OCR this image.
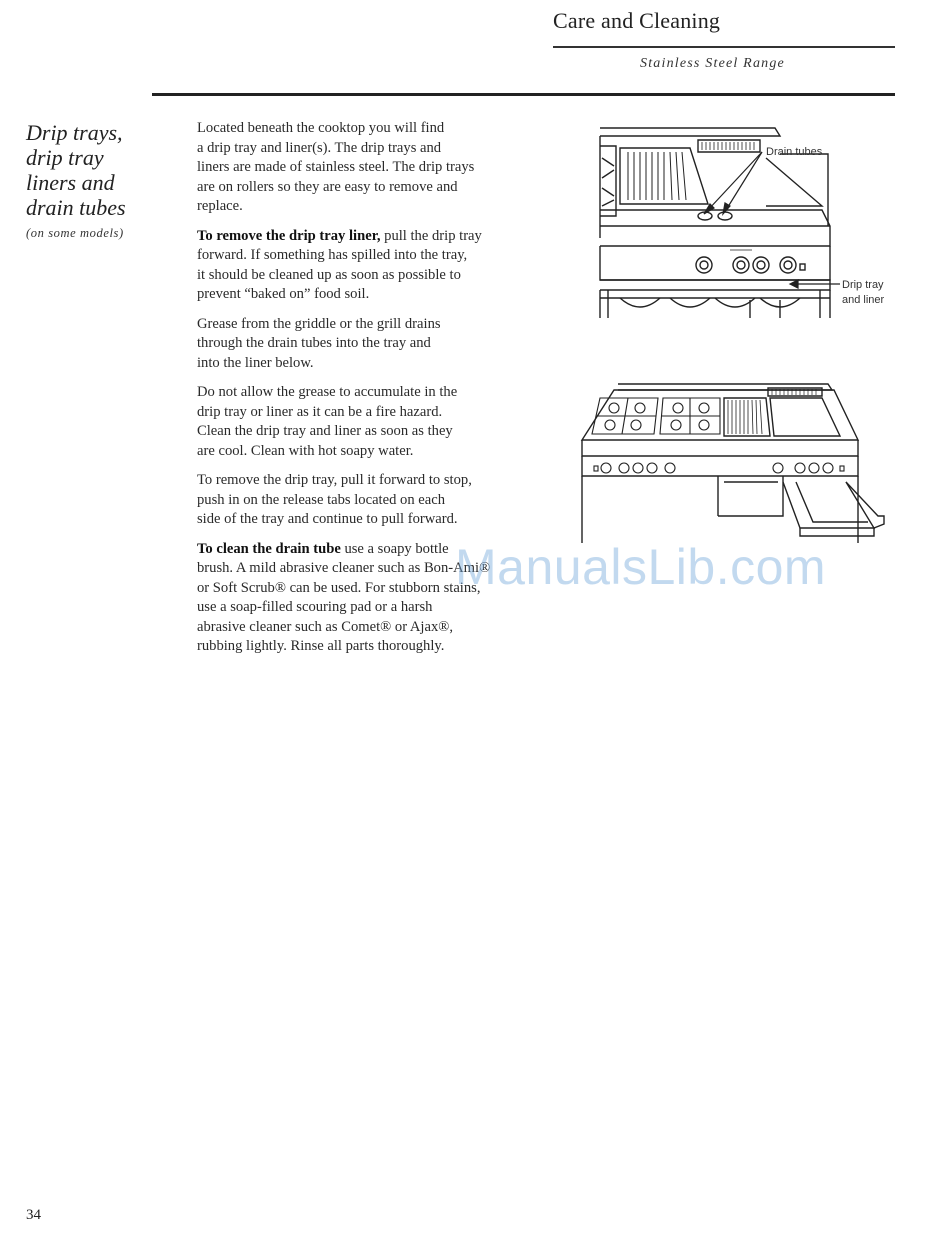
Care and Cleaning
Stainless Steel Range
Drip trays,
drip tray
liners and
drain tubes
(on some models)

Located beneath the cooktop you will find
a drip tray and liner(s). The drip trays and
liners are made of stainless steel. The drip trays
are on rollers so they are easy to remove and
replace.

To remove the drip tray liner, pull the drip tray
forward. If something has spilled into the tray,
it should be cleaned up as soon as possible to
prevent “baked on” food soil.

Grease from the griddle or the grill drains
through the drain tubes into the tray and
into the liner below.

Do not allow the grease to accumulate in the
drip tray or liner as it can be a fire hazard.
Clean the drip tray and liner as soon as they
are cool. Clean with hot soapy water.

To remove the drip tray, pull it forward to stop,
push in on the release tabs located on each
side of the tray and continue to pull forward.

To clean the drain tube use a soapy bottle
brush. A mild abrasive cleaner such as Bon-Ami®
or Soft Scrub® can be used. For stubborn stains,
use a soap-filled scouring pad or a harsh
abrasive cleaner such as Comet® or Ajax®,
rubbing lightly. Rinse all parts thoroughly.

Drain tubes
Drip tray
and liner
ManualsLib.com
34
